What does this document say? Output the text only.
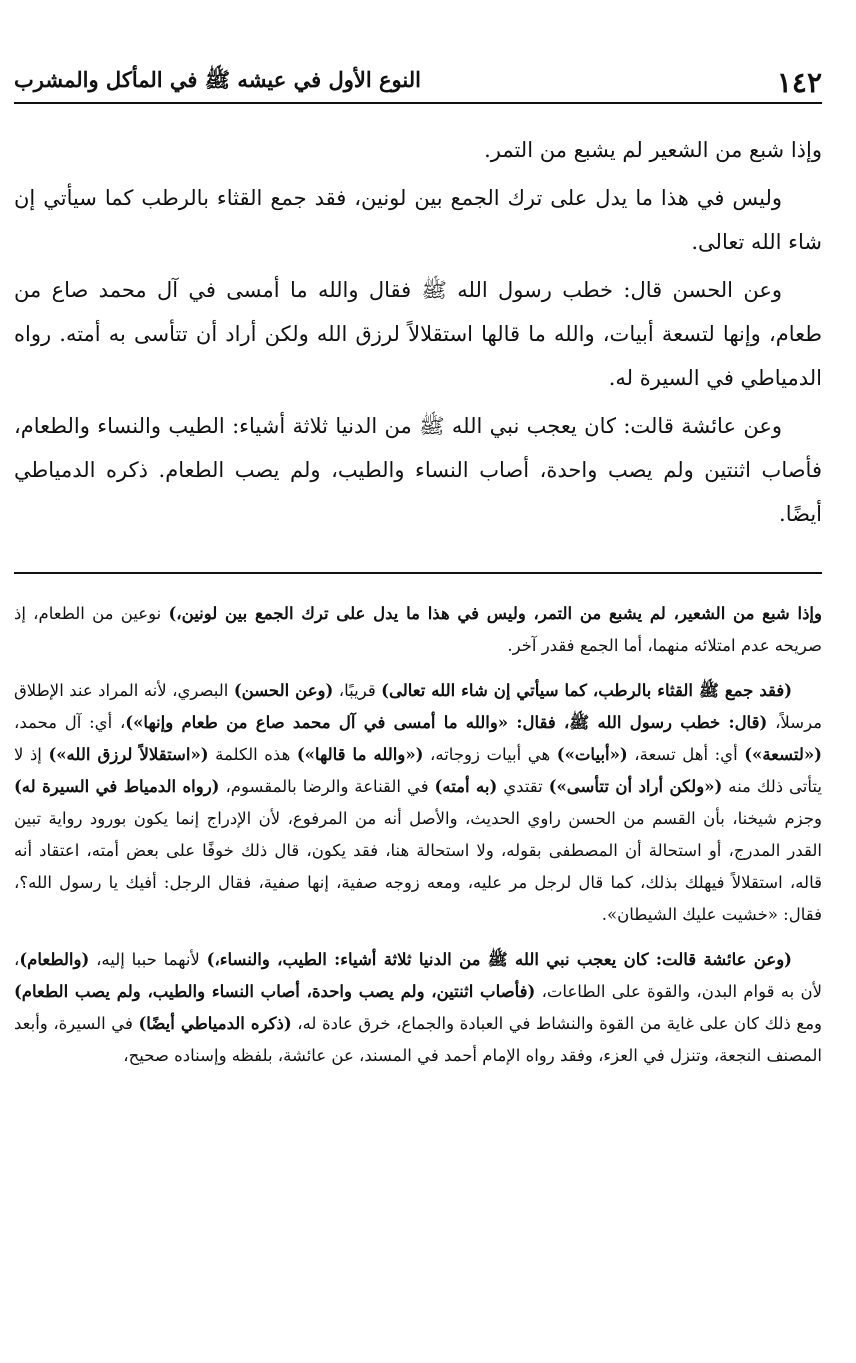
١٤٢
النوع الأول في عيشه ﷺ في المأكل والمشرب

وإذا شبع من الشعير لم يشبع من التمر.

وليس في هذا ما يدل على ترك الجمع بين لونين، فقد جمع القثاء بالرطب كما سيأتي إن شاء الله تعالى.

وعن الحسن قال: خطب رسول الله ﷺ فقال والله ما أمسى في آل محمد صاع من طعام، وإنها لتسعة أبيات، والله ما قالها استقلالاً لرزق الله ولكن أراد أن تتأسى به أمته. رواه الدمياطي في السيرة له.

وعن عائشة قالت: كان يعجب نبي الله ﷺ من الدنيا ثلاثة أشياء: الطيب والنساء والطعام، فأصاب اثنتين ولم يصب واحدة، أصاب النساء والطيب، ولم يصب الطعام. ذكره الدمياطي أيضًا.

وإذا شبع من الشعير، لم يشبع من التمر، وليس في هذا ما يدل على ترك الجمع بين لونين،) نوعين من الطعام، إذ صريحه عدم امتلائه منهما، أما الجمع فقدر آخر.

(فقد جمع ﷺ القثاء بالرطب، كما سيأتي إن شاء الله تعالى) قريبًا، (وعن الحسن) البصري، لأنه المراد عند الإطلاق مرسلاً، (قال: خطب رسول الله ﷺ، فقال: «والله ما أمسى في آل محمد صاع من طعام وإنها»)، أي: آل محمد، («لتسعة») أي: أهل تسعة، («أبيات») هي أبيات زوجاته، («والله ما قالها») هذه الكلمة («استقلالاً لرزق الله») إذ لا يتأتى ذلك منه («ولكن أراد أن تتأسى») تقتدي (به أمته) في القناعة والرضا بالمقسوم، (رواه الدمياط في السيرة له) وجزم شيخنا، بأن القسم من الحسن راوي الحديث، والأصل أنه من المرفوع، لأن الإدراج إنما يكون بورود رواية تبين القدر المدرج، أو استحالة أن المصطفى بقوله، ولا استحالة هنا، فقد يكون، قال ذلك خوفًا على بعض أمته، اعتقاد أنه قاله، استقلالاً فيهلك بذلك، كما قال لرجل مر عليه، ومعه زوجه صفية، إنها صفية، فقال الرجل: أفيك يا رسول الله؟، فقال: «خشيت عليك الشيطان».

(وعن عائشة قالت: كان يعجب نبي الله ﷺ من الدنيا ثلاثة أشياء: الطيب، والنساء،) لأنهما حببا إليه، (والطعام)، لأن به قوام البدن، والقوة على الطاعات، (فأصاب اثنتين، ولم يصب واحدة، أصاب النساء والطيب، ولم يصب الطعام) ومع ذلك كان على غاية من القوة والنشاط في العبادة والجماع، خرق عادة له، (ذكره الدمياطي أيضًا) في السيرة، وأبعد المصنف النجعة، وتنزل في العزء، وفقد رواه الإمام أحمد في المسند، عن عائشة، بلفظه وإسناده صحيح،
